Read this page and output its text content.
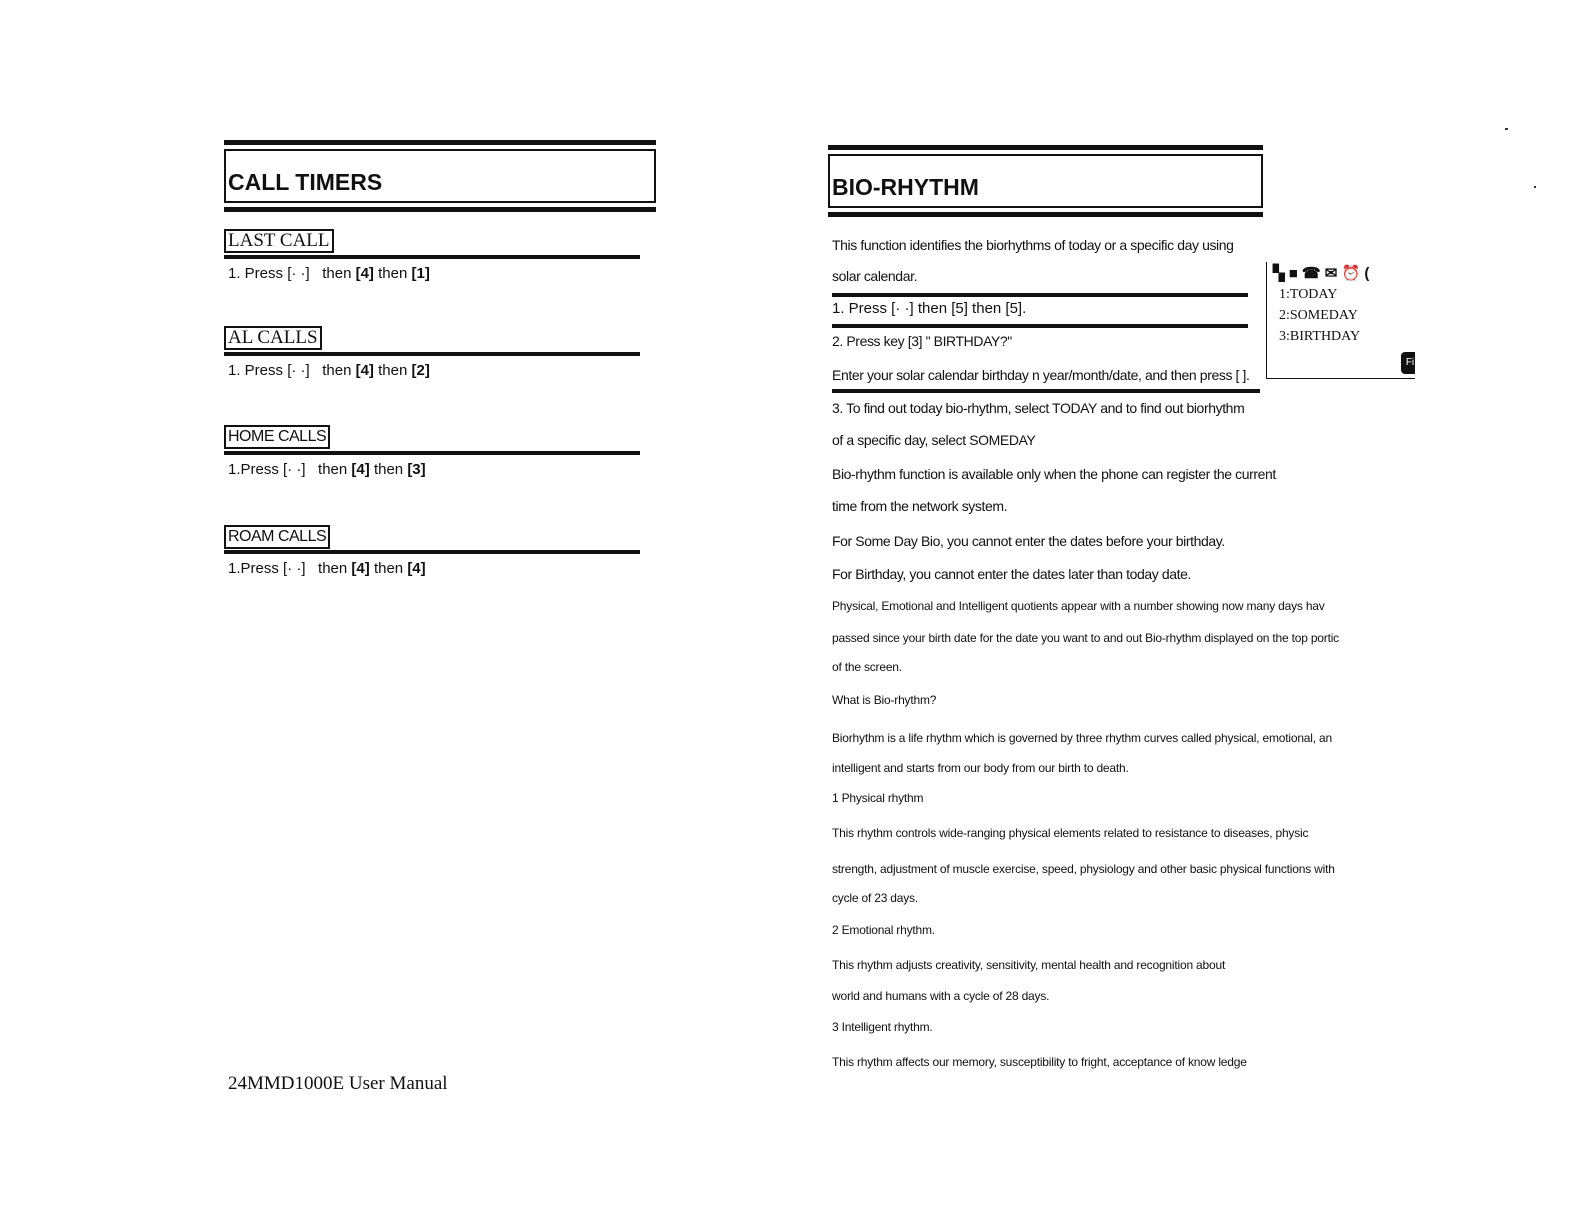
CALL TIMERS
LAST CALL
1. Press [· ·] then [4] then [1]
AL CALLS
1. Press [· ·] then [4] then [2]
HOME CALLS
1.Press [· ·] then [4] then [3]
ROAM CALLS
1.Press [· ·] then [4] then [4]
24MMD1000E User Manual
BIO-RHYTHM
This function identifies the biorhythms of today or a specific day using
solar calendar.
1. Press [· ·] then [5] then [5].
2. Press key [3] " BIRTHDAY?"
Enter your solar calendar birthday n year/month/date, and then press [ ].
3. To find out today bio-rhythm, select TODAY and to find out biorhythm
of a specific day, select SOMEDAY
Bio-rhythm function is available only when the phone can register the current
time from the network system.
For Some Day Bio, you cannot enter the dates before your birthday.
For Birthday, you cannot enter the dates later than today date.
Physical, Emotional and Intelligent quotients appear with a number showing now many days hav
passed since your birth date for the date you want to and out Bio-rhythm displayed on the top portic
of the screen.
What is Bio-rhythm?
Biorhythm is a life rhythm which is governed by three rhythm curves called physical, emotional, an
intelligent and starts from our body from our birth to death.
1 Physical rhythm
This rhythm controls wide-ranging physical elements related to resistance to diseases, physic
strength, adjustment of muscle exercise, speed, physiology and other basic physical functions with
cycle of 23 days.
2 Emotional rhythm.
This rhythm adjusts creativity, sensitivity, mental health and recognition about
world and humans with a cycle of 28 days.
3 Intelligent rhythm.
This rhythm affects our memory, susceptibility to fright, acceptance of know ledge
▚ ■ ☎ ✉ ⏰ (
1:TODAY
2:SOMEDAY
3:BIRTHDAY
Fi
